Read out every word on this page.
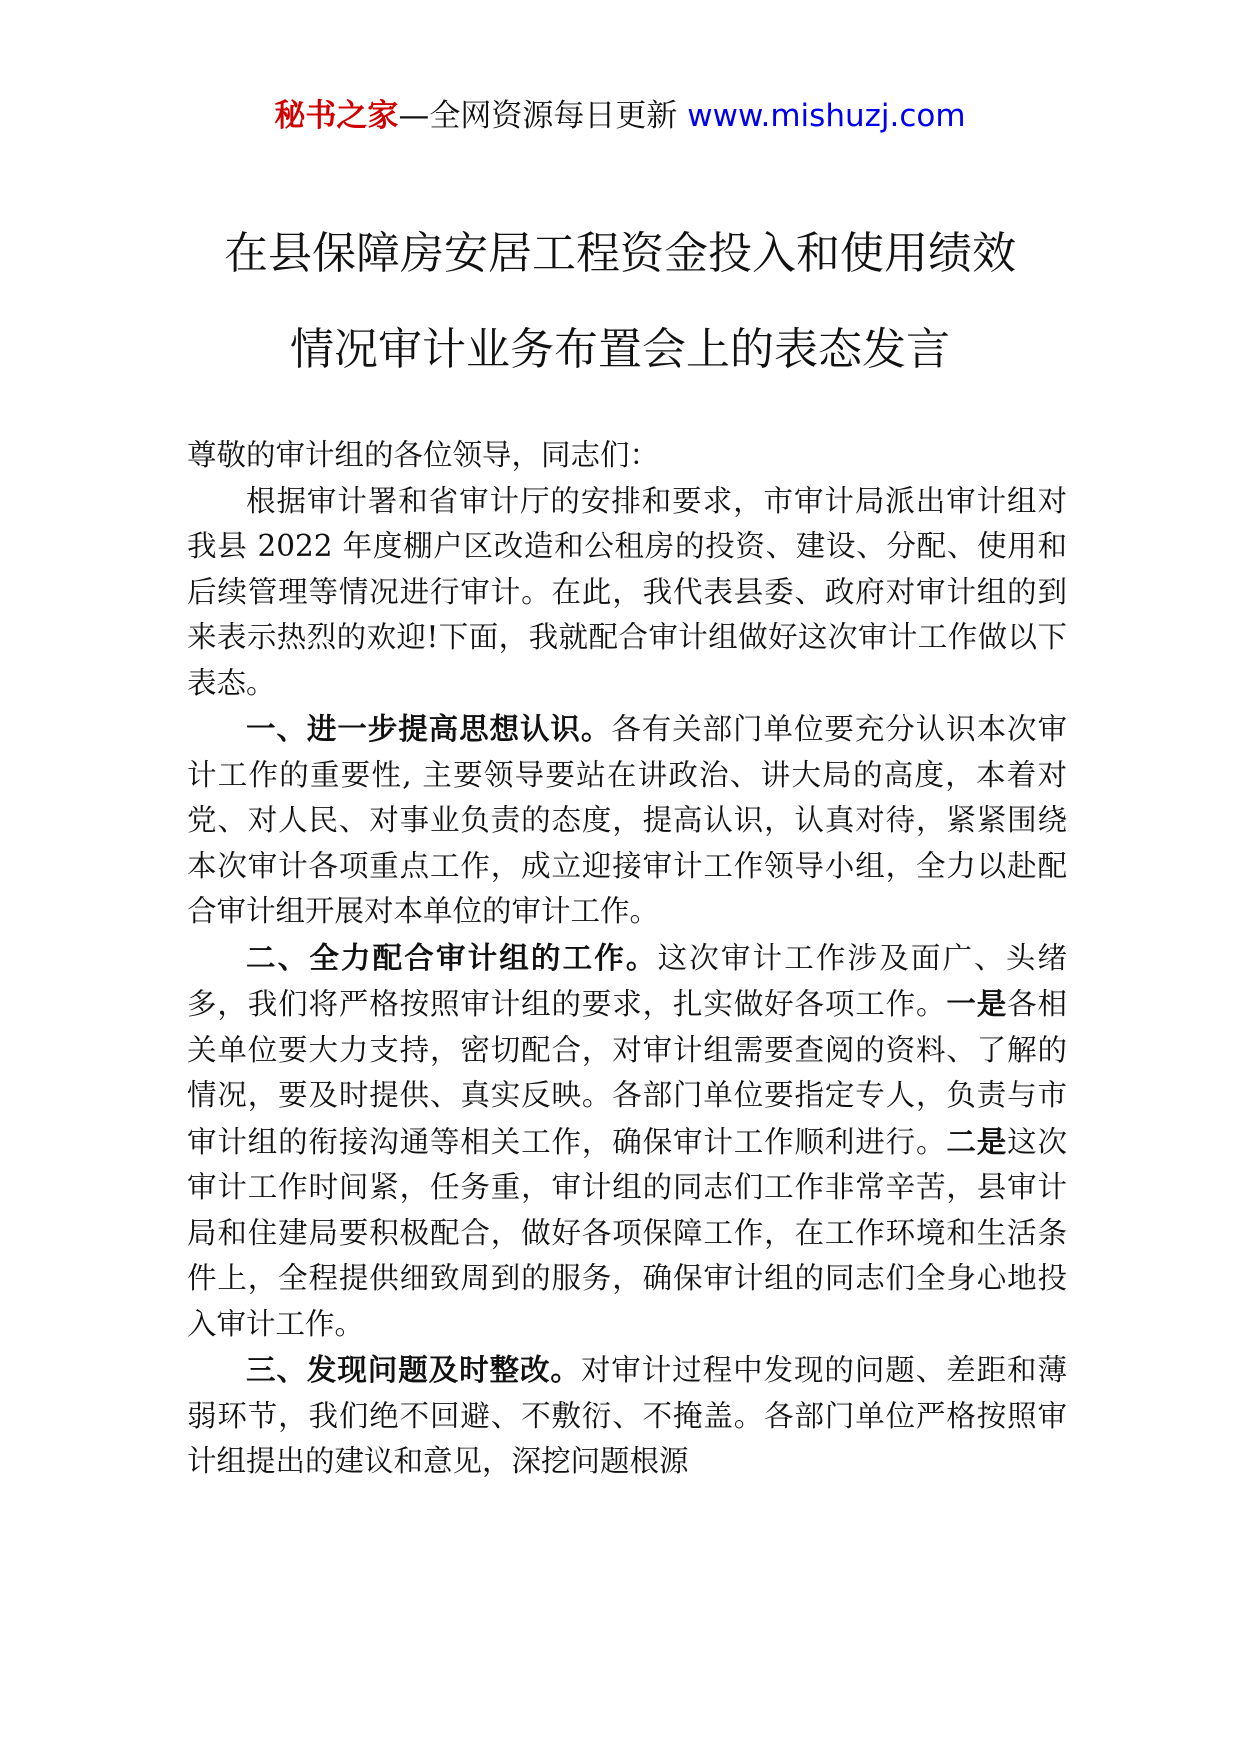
秘书之家—全网资源每日更新 www.mishuzj.com
在县保障房安居工程资金投入和使用绩效
情况审计业务布置会上的表态发言

尊敬的审计组的各位领导，同志们：

根据审计署和省审计厅的安排和要求，市审计局派出审计组对我县 2022 年度棚户区改造和公租房的投资、建设、分配、使用和后续管理等情况进行审计。在此，我代表县委、政府对审计组的到来表示热烈的欢迎!下面，我就配合审计组做好这次审计工作做以下表态。

一、进一步提高思想认识。各有关部门单位要充分认识本次审计工作的重要性, 主要领导要站在讲政治、讲大局的高度，本着对党、对人民、对事业负责的态度，提高认识，认真对待，紧紧围绕本次审计各项重点工作，成立迎接审计工作领导小组，全力以赴配合审计组开展对本单位的审计工作。

二、全力配合审计组的工作。这次审计工作涉及面广、头绪多，我们将严格按照审计组的要求，扎实做好各项工作。一是各相关单位要大力支持，密切配合，对审计组需要查阅的资料、了解的情况，要及时提供、真实反映。各部门单位要指定专人，负责与市审计组的衔接沟通等相关工作，确保审计工作顺利进行。二是这次审计工作时间紧，任务重，审计组的同志们工作非常辛苦，县审计局和住建局要积极配合，做好各项保障工作，在工作环境和生活条件上，全程提供细致周到的服务，确保审计组的同志们全身心地投入审计工作。

三、发现问题及时整改。对审计过程中发现的问题、差距和薄弱环节，我们绝不回避、不敷衍、不掩盖。各部门单位严格按照审计组提出的建议和意见，深挖问题根源
